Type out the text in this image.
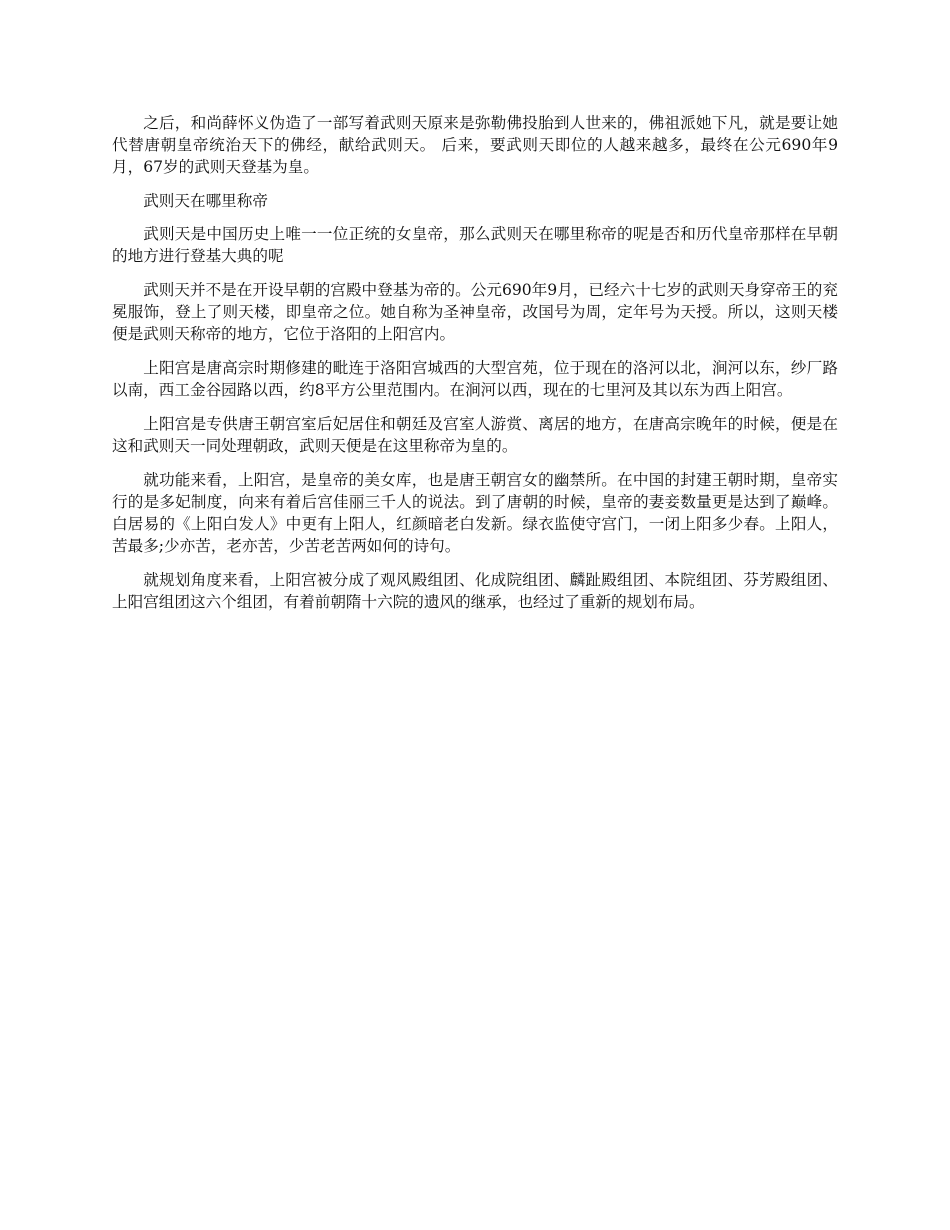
之后，和尚薛怀义伪造了一部写着武则天原来是弥勒佛投胎到人世来的，佛祖派她下凡，就是要让她代替唐朝皇帝统治天下的佛经，献给武则天。 后来，要武则天即位的人越来越多，最终在公元690年9月，67岁的武则天登基为皇。

武则天在哪里称帝

武则天是中国历史上唯一一位正统的女皇帝，那么武则天在哪里称帝的呢是否和历代皇帝那样在早朝的地方进行登基大典的呢

武则天并不是在开设早朝的宫殿中登基为帝的。公元690年9月，已经六十七岁的武则天身穿帝王的兖冕服饰，登上了则天楼，即皇帝之位。她自称为圣神皇帝，改国号为周，定年号为天授。所以，这则天楼便是武则天称帝的地方，它位于洛阳的上阳宫内。

上阳宫是唐高宗时期修建的毗连于洛阳宫城西的大型宫苑，位于现在的洛河以北，涧河以东，纱厂路以南，西工金谷园路以西，约8平方公里范围内。在涧河以西，现在的七里河及其以东为西上阳宫。

上阳宫是专供唐王朝宫室后妃居住和朝廷及宫室人游赏、离居的地方，在唐高宗晚年的时候，便是在这和武则天一同处理朝政，武则天便是在这里称帝为皇的。

就功能来看，上阳宫，是皇帝的美女库，也是唐王朝宫女的幽禁所。在中国的封建王朝时期，皇帝实行的是多妃制度，向来有着后宫佳丽三千人的说法。到了唐朝的时候，皇帝的妻妾数量更是达到了巅峰。白居易的《上阳白发人》中更有上阳人，红颜暗老白发新。绿衣监使守宫门，一闭上阳多少春。上阳人，苦最多;少亦苦，老亦苦，少苦老苦两如何的诗句。

就规划角度来看，上阳宫被分成了观风殿组团、化成院组团、麟趾殿组团、本院组团、芬芳殿组团、上阳宫组团这六个组团，有着前朝隋十六院的遗风的继承，也经过了重新的规划布局。
